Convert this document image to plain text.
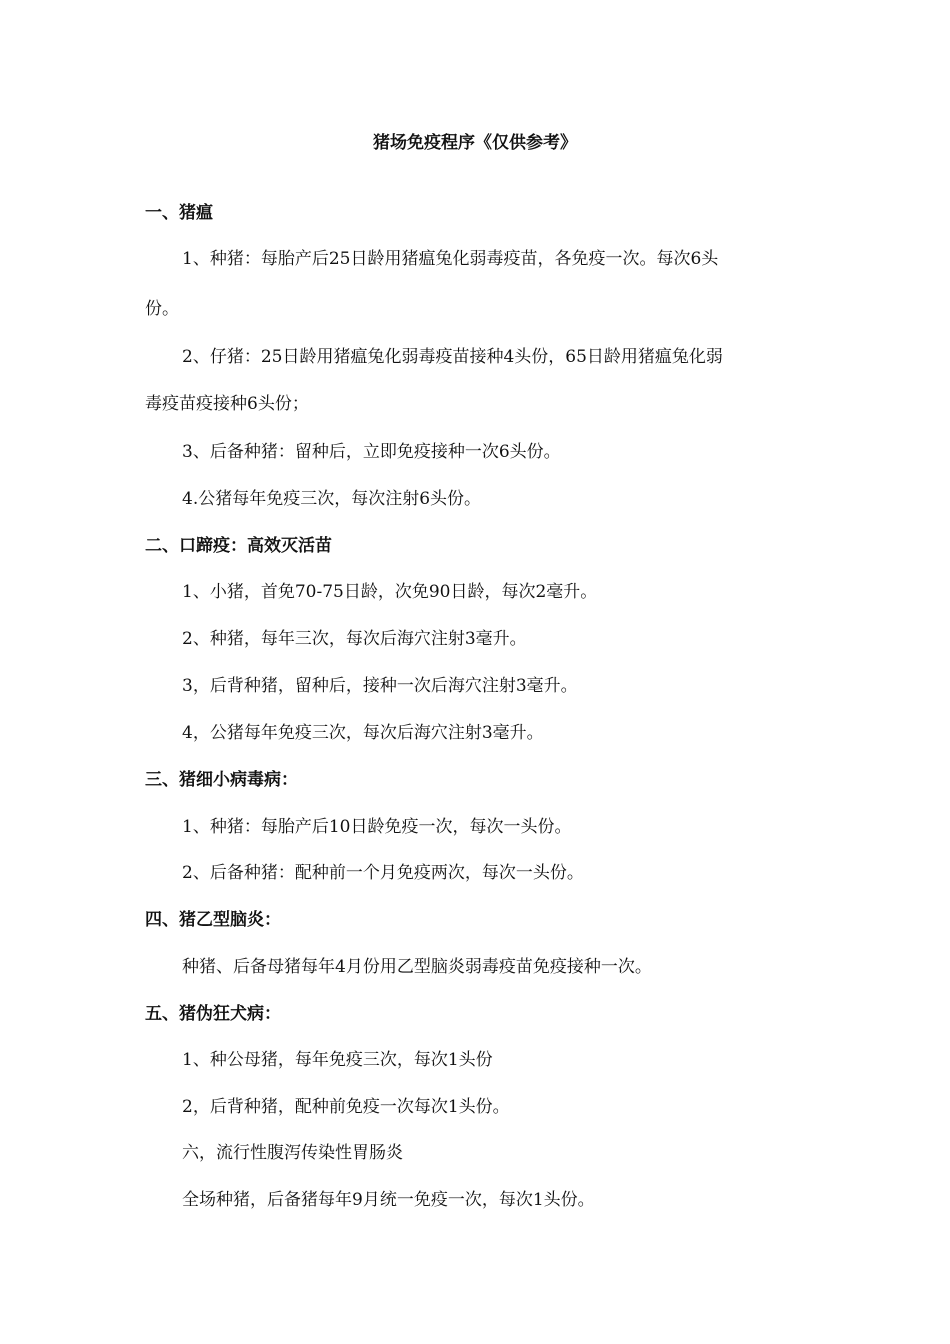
猪场免疫程序《仅供参考》
一、猪瘟
1、种猪：每胎产后25日龄用猪瘟兔化弱毒疫苗，各免疫一次。每次6头
份。
2、仔猪：25日龄用猪瘟兔化弱毒疫苗接种4头份，65日龄用猪瘟兔化弱
毒疫苗疫接种6头份；
3、后备种猪：留种后，立即免疫接种一次6头份。
4.公猪每年免疫三次，每次注射6头份。
二、口蹄疫：高效灭活苗
1、小猪，首免70-75日龄，次免90日龄，每次2毫升。
2、种猪，每年三次，每次后海穴注射3毫升。
3，后背种猪，留种后，接种一次后海穴注射3毫升。
4，公猪每年免疫三次，每次后海穴注射3毫升。
三、猪细小病毒病：
1、种猪：每胎产后10日龄免疫一次，每次一头份。
2、后备种猪：配种前一个月免疫两次，每次一头份。
四、猪乙型脑炎：
种猪、后备母猪每年4月份用乙型脑炎弱毒疫苗免疫接种一次。
五、猪伪狂犬病：
1、种公母猪，每年免疫三次，每次1头份
2，后背种猪，配种前免疫一次每次1头份。
六，流行性腹泻传染性胃肠炎
全场种猪，后备猪每年9月统一免疫一次，每次1头份。
